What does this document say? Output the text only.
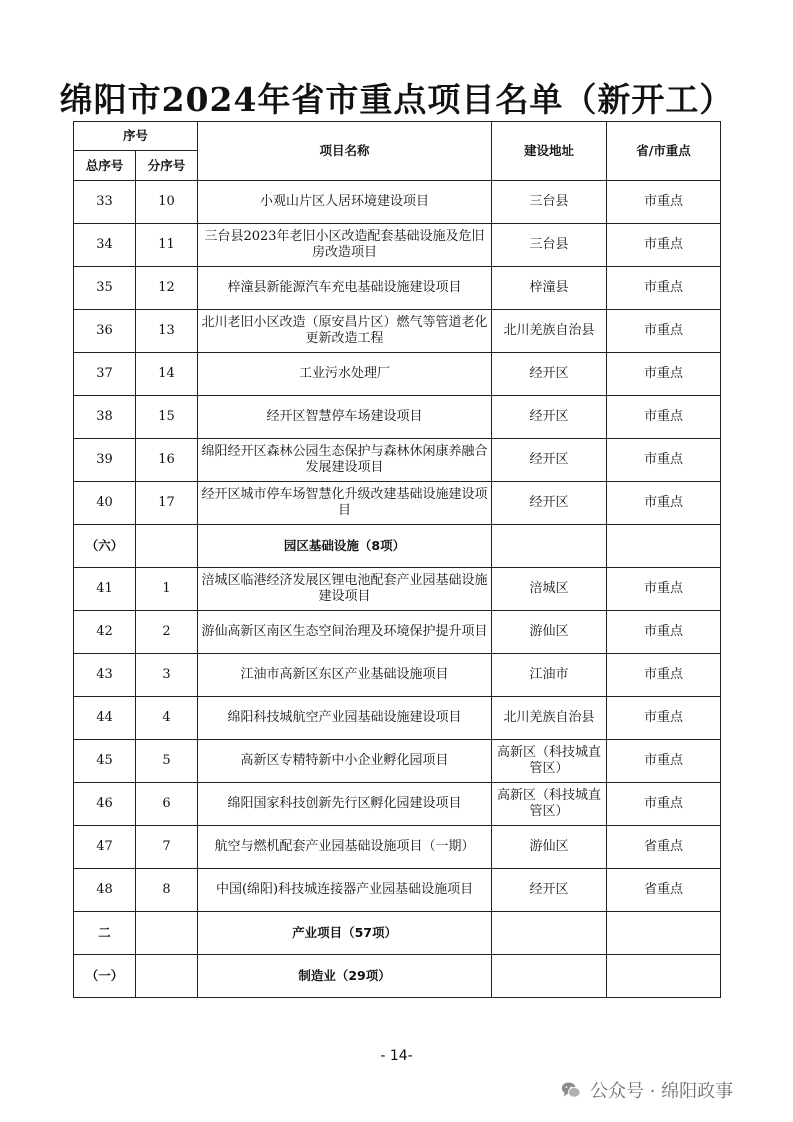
绵阳市2024年省市重点项目名单（新开工）
序号		项目名称	建设地址	省/市重点
总序号	分序号			
33	10	小观山片区人居环境建设项目	三台县	市重点
34	11	三台县2023年老旧小区改造配套基础设施及危旧房改造项目	三台县	市重点
35	12	梓潼县新能源汽车充电基础设施建设项目	梓潼县	市重点
36	13	北川老旧小区改造（原安昌片区）燃气等管道老化更新改造工程	北川羌族自治县	市重点
37	14	工业污水处理厂	经开区	市重点
38	15	经开区智慧停车场建设项目	经开区	市重点
39	16	绵阳经开区森林公园生态保护与森林休闲康养融合发展建设项目	经开区	市重点
40	17	经开区城市停车场智慧化升级改建基础设施建设项目	经开区	市重点
（六）		园区基础设施（8项）		
41	1	涪城区临港经济发展区锂电池配套产业园基础设施建设项目	涪城区	市重点
42	2	游仙高新区南区生态空间治理及环境保护提升项目	游仙区	市重点
43	3	江油市高新区东区产业基础设施项目	江油市	市重点
44	4	绵阳科技城航空产业园基础设施建设项目	北川羌族自治县	市重点
45	5	高新区专精特新中小企业孵化园项目	高新区（科技城直管区）	市重点
46	6	绵阳国家科技创新先行区孵化园建设项目	高新区（科技城直管区）	市重点
47	7	航空与燃机配套产业园基础设施项目（一期）	游仙区	省重点
48	8	中国(绵阳)科技城连接器产业园基础设施项目	经开区	省重点
二		产业项目（57项）		
（一）		制造业（29项）		
- 14-
公众号 · 绵阳政事
